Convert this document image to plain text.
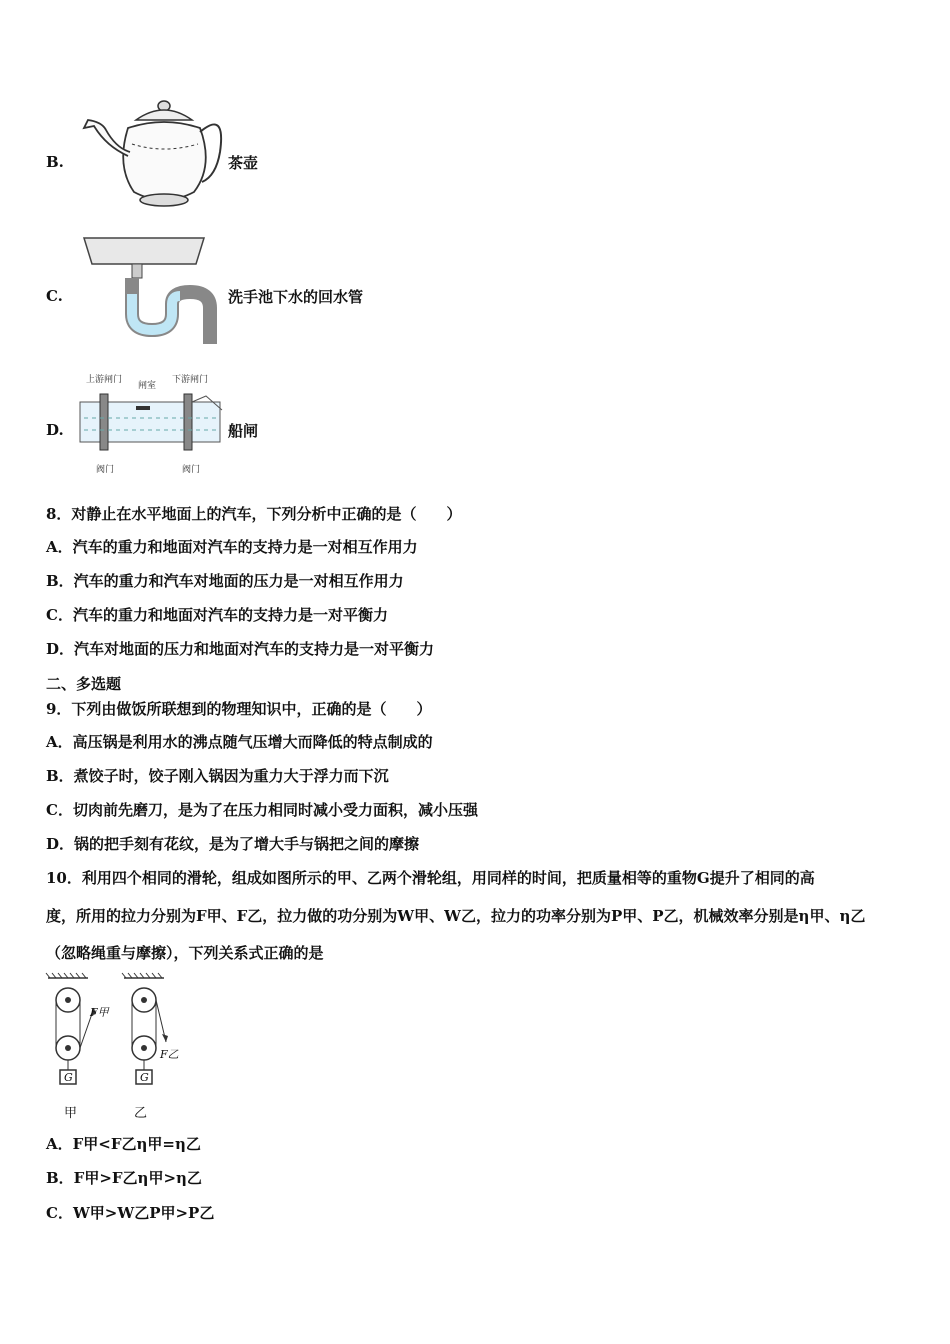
B.	茶壶
C.	洗手池下水的回水管
D.
上游闸门
闸室
下游闸门
阀门	阀门
船闸
8．对静止在水平地面上的汽车，下列分析中正确的是（　　）
A．汽车的重力和地面对汽车的支持力是一对相互作用力
B．汽车的重力和汽车对地面的压力是一对相互作用力
C．汽车的重力和地面对汽车的支持力是一对平衡力
D．汽车对地面的压力和地面对汽车的支持力是一对平衡力
二、多选题
9．下列由做饭所联想到的物理知识中，正确的是（　　）
A．高压锅是利用水的沸点随气压增大而降低的特点制成的
B．煮饺子时，饺子刚入锅因为重力大于浮力而下沉
C．切肉前先磨刀，是为了在压力相同时减小受力面积，减小压强
D．锅的把手刻有花纹，是为了增大手与锅把之间的摩擦
10．利用四个相同的滑轮，组成如图所示的甲、乙两个滑轮组，用同样的时间，把质量相等的重物G提升了相同的高
度，所用的拉力分别为F甲、F乙，拉力做的功分别为W甲、W乙，拉力的功率分别为P甲、P乙，机械效率分别是η甲、η乙
（忽略绳重与摩擦），下列关系式正确的是
G	G
F甲
F乙
甲	乙
A．F甲<F乙η甲=η乙
B．F甲>F乙η甲>η乙
C．W甲>W乙P甲>P乙
